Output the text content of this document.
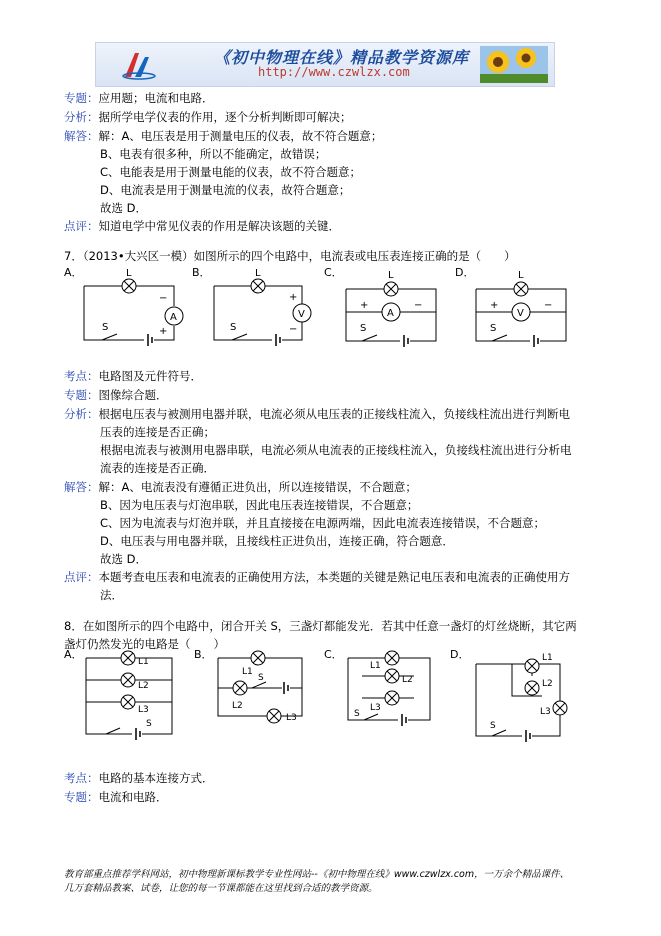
《初中物理在线》精品教学资源库
http://www.czwlzx.com
专题：应用题；电流和电路．
分析：据所学电学仪表的作用，逐个分析判断即可解决；
解答：解：A、电压表是用于测量电压的仪表，故不符合题意；
B、电表有很多种，所以不能确定，故错误；
C、电能表是用于测量电能的仪表，故不符合题意；
D、电流表是用于测量电流的仪表，故符合题意；
故选 D．
点评：知道电学中常见仪表的作用是解决该题的关键．
7．（2013•大兴区一模）如图所示的四个电路中，电流表或电压表连接正确的是（　　）
A．	B．	C．	D．
L
A
−
+
S
L
V
+
−
S
L
A
+	−
S
L
V
+	−
S
考点：电路图及元件符号．
专题：图像综合题．
分析：根据电压表与被测用电器并联，电流必须从电压表的正接线柱流入，负接线柱流出进行判断电
压表的连接是否正确；
根据电流表与被测用电器串联，电流必须从电流表的正接线柱流入，负接线柱流出进行分析电
流表的连接是否正确．
解答：解：A、电流表没有遵循正进负出，所以连接错误，不合题意；
B、因为电压表与灯泡串联，因此电压表连接错误，不合题意；
C、因为电流表与灯泡并联，并且直接接在电源两端，因此电流表连接错误，不合题意；
D、电压表与用电器并联，且接线柱正进负出，连接正确，符合题意．
故选 D．
点评：本题考查电压表和电流表的正确使用方法，本类题的关键是熟记电压表和电流表的正确使用方
法．
8．在如图所示的四个电路中，闭合开关 S，三盏灯都能发光．若其中任意一盏灯的灯丝烧断，其它两
盏灯仍然发光的电路是（　　）
A．	B．	C．	D．
L1
L2
L3
S
L1
L2
L3
S
L1
L2
L3
S
L1
L2
L3
S
考点：电路的基本连接方式．
专题：电流和电路．
教育部重点推荐学科网站，初中物理新课标教学专业性网站--《初中物理在线》www.czwlzx.com，一万余个精品课件、
几万套精品教案、试卷，让您的每一节课都能在这里找到合适的教学资源。
